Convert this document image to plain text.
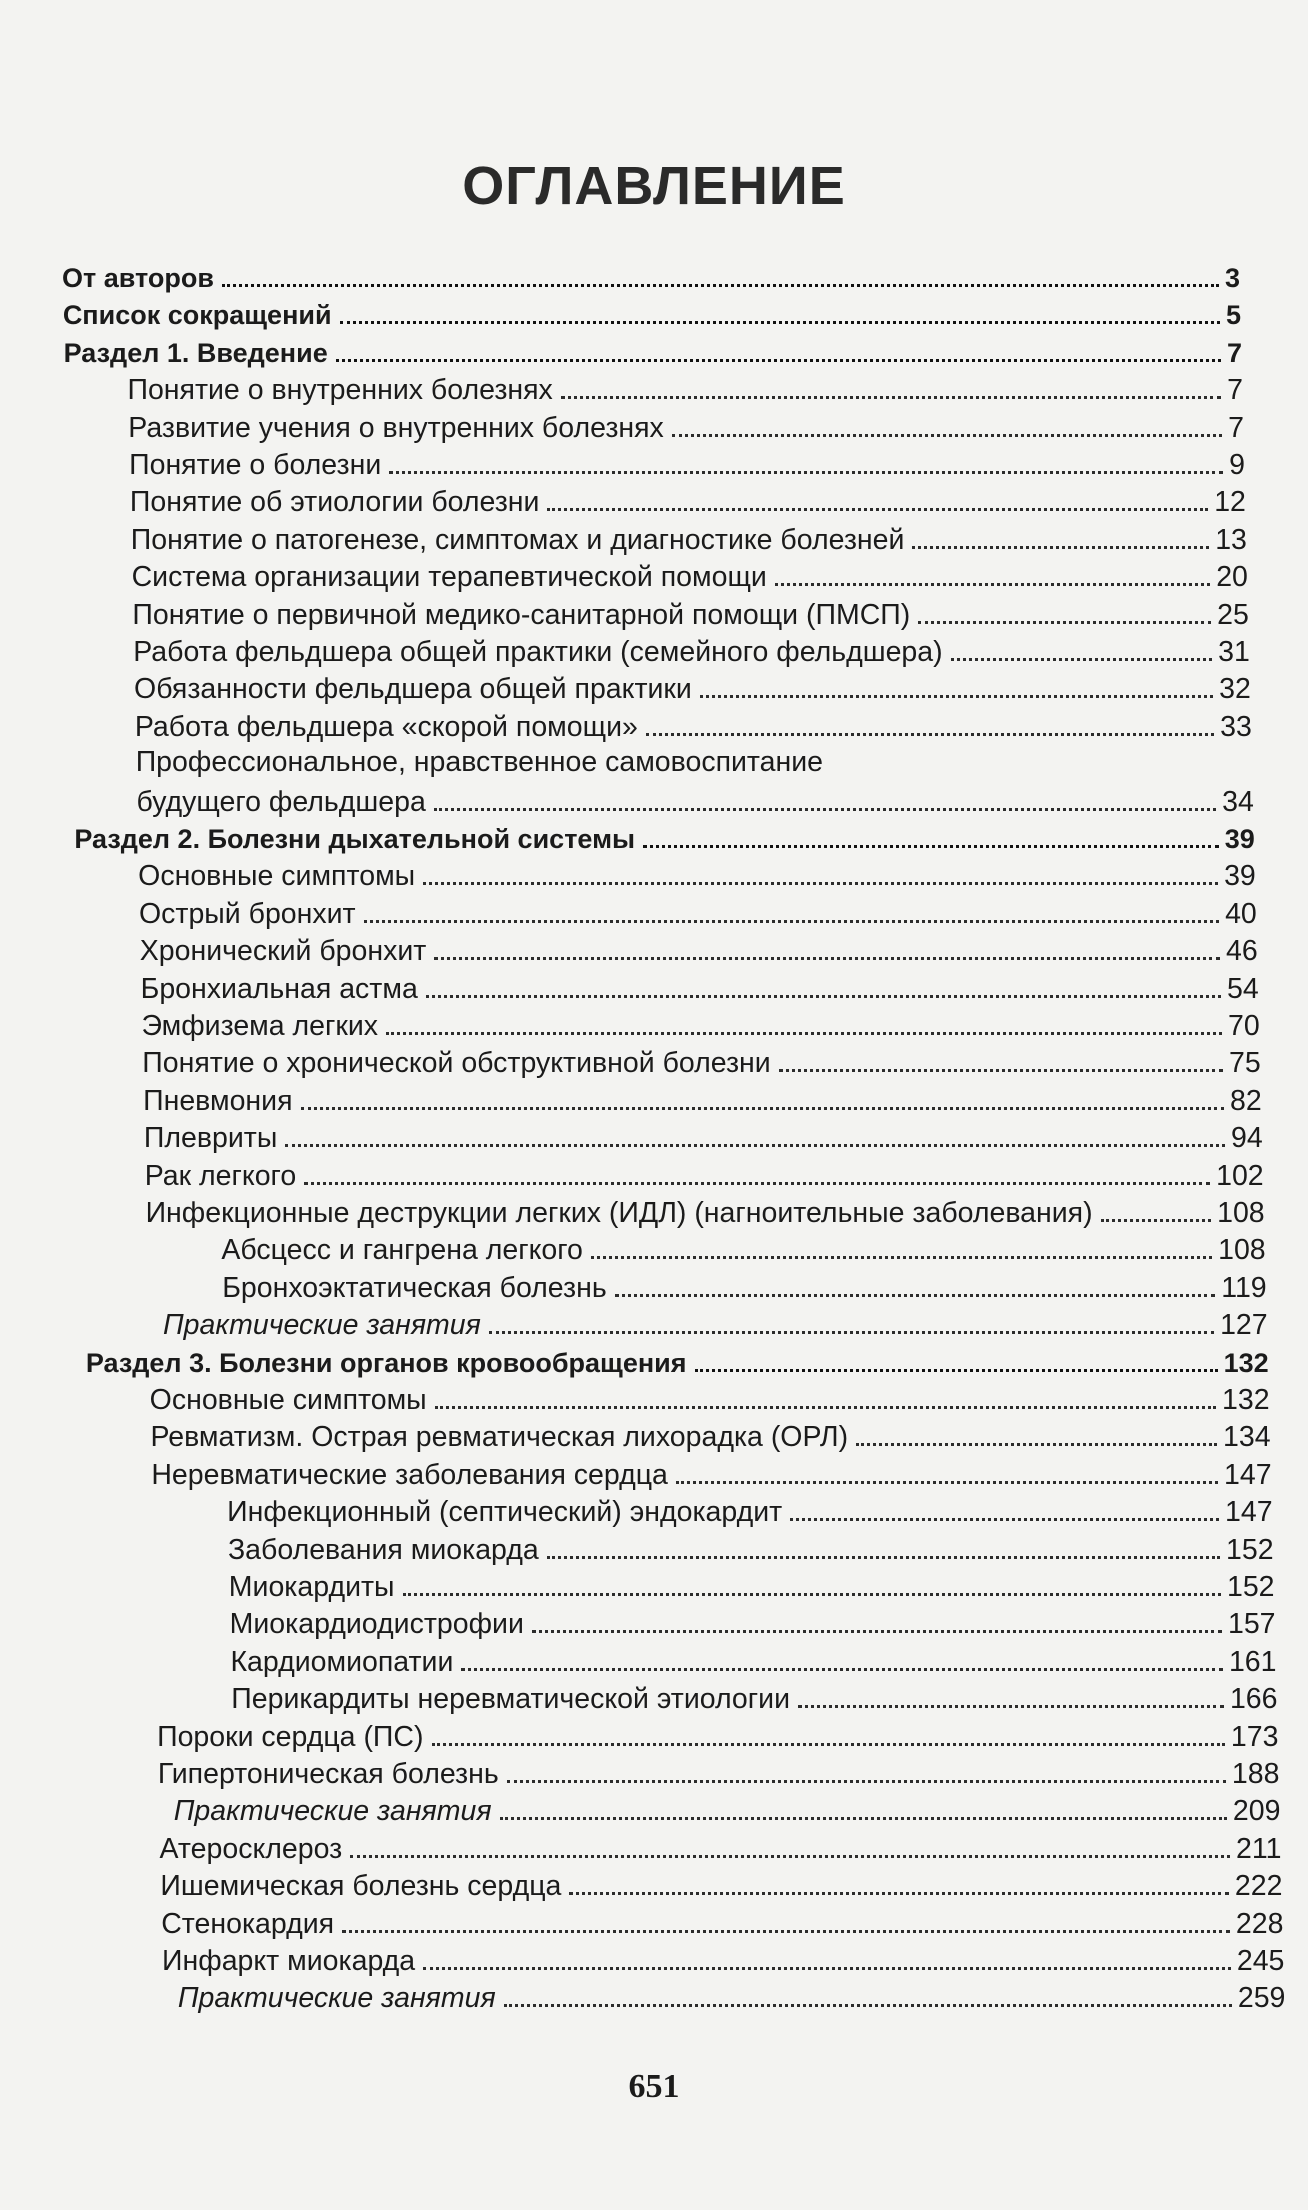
ОГЛАВЛЕНИЕ
От авторов	3
Список сокращений	5
Раздел 1. Введение	7
Понятие о внутренних болезнях	7
Развитие учения о внутренних болезнях	7
Понятие о болезни	9
Понятие об этиологии болезни	12
Понятие о патогенезе, симптомах и диагностике болезней	13
Система организации терапевтической помощи	20
Понятие о первичной медико-санитарной помощи (ПМСП)	25
Работа фельдшера общей практики (семейного фельдшера)	31
Обязанности фельдшера общей практики	32
Работа фельдшера «скорой помощи»	33
Профессиональное, нравственное самовоспитание
будущего фельдшера	34
Раздел 2. Болезни дыхательной системы	39
Основные симптомы	39
Острый бронхит	40
Хронический бронхит	46
Бронхиальная астма	54
Эмфизема легких	70
Понятие о хронической обструктивной болезни	75
Пневмония	82
Плевриты	94
Рак легкого	102
Инфекционные деструкции легких (ИДЛ) (нагноительные заболевания)	108
Абсцесс и гангрена легкого	108
Бронхоэктатическая болезнь	119
Практические занятия	127
Раздел 3. Болезни органов кровообращения	132
Основные симптомы	132
Ревматизм. Острая ревматическая лихорадка (ОРЛ)	134
Неревматические заболевания сердца	147
Инфекционный (септический) эндокардит	147
Заболевания миокарда	152
Миокардиты	152
Миокардиодистрофии	157
Кардиомиопатии	161
Перикардиты неревматической этиологии	166
Пороки сердца (ПС)	173
Гипертоническая болезнь	188
Практические занятия	209
Атеросклероз	211
Ишемическая болезнь сердца	222
Стенокардия	228
Инфаркт миокарда	245
Практические занятия	259
651
